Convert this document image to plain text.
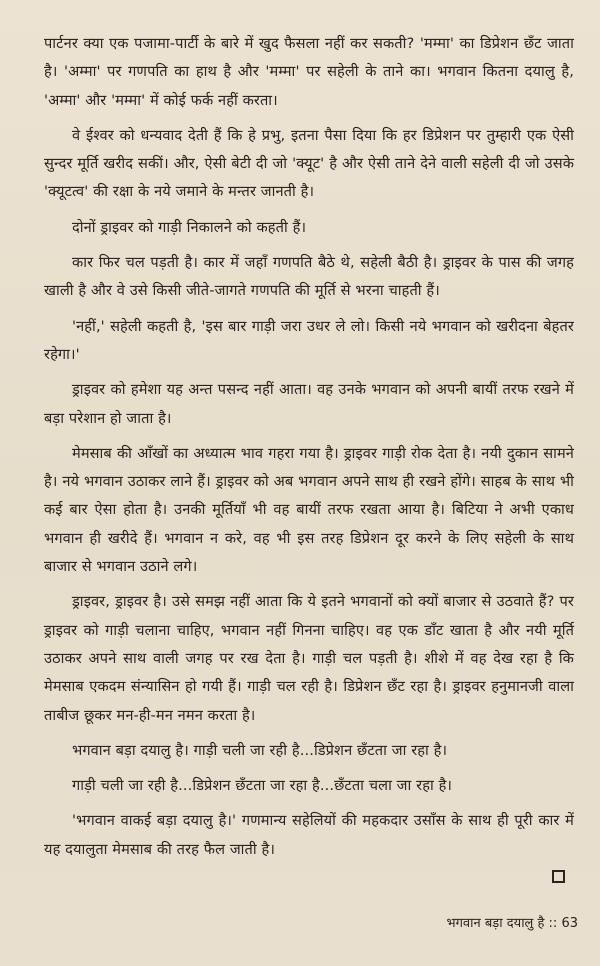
पार्टनर क्या एक पजामा-पार्टी के बारे में खुद फैसला नहीं कर सकती? 'मम्मा' का डिप्रेशन छँट जाता है। 'अम्मा' पर गणपति का हाथ है और 'मम्मा' पर सहेली के ताने का। भगवान कितना दयालु है, 'अम्मा' और 'मम्मा' में कोई फर्क नहीं करता।

वे ईश्वर को धन्यवाद देती हैं कि हे प्रभु, इतना पैसा दिया कि हर डिप्रेशन पर तुम्हारी एक ऐसी सुन्दर मूर्ति खरीद सकीं। और, ऐसी बेटी दी जो 'क्यूट' है और ऐसी ताने देने वाली सहेली दी जो उसके 'क्यूटत्व' की रक्षा के नये जमाने के मन्तर जानती है।

दोनों ड्राइवर को गाड़ी निकालने को कहती हैं।

कार फिर चल पड़ती है। कार में जहाँ गणपति बैठे थे, सहेली बैठी है। ड्राइवर के पास की जगह खाली है और वे उसे किसी जीते-जागते गणपति की मूर्ति से भरना चाहती हैं।

'नहीं,' सहेली कहती है, 'इस बार गाड़ी जरा उधर ले लो। किसी नये भगवान को खरीदना बेहतर रहेगा।'

ड्राइवर को हमेशा यह अन्त पसन्द नहीं आता। वह उनके भगवान को अपनी बायीं तरफ रखने में बड़ा परेशान हो जाता है।

मेमसाब की आँखों का अध्यात्म भाव गहरा गया है। ड्राइवर गाड़ी रोक देता है। नयी दुकान सामने है। नये भगवान उठाकर लाने हैं। ड्राइवर को अब भगवान अपने साथ ही रखने होंगे। साहब के साथ भी कई बार ऐसा होता है। उनकी मूर्तियाँ भी वह बायीं तरफ रखता आया है। बिटिया ने अभी एकाध भगवान ही खरीदे हैं। भगवान न करे, वह भी इस तरह डिप्रेशन दूर करने के लिए सहेली के साथ बाजार से भगवान उठाने लगे।

ड्राइवर, ड्राइवर है। उसे समझ नहीं आता कि ये इतने भगवानों को क्यों बाजार से उठवाते हैं? पर ड्राइवर को गाड़ी चलाना चाहिए, भगवान नहीं गिनना चाहिए। वह एक डाँट खाता है और नयी मूर्ति उठाकर अपने साथ वाली जगह पर रख देता है। गाड़ी चल पड़ती है। शीशे में वह देख रहा है कि मेमसाब एकदम संन्यासिन हो गयी हैं। गाड़ी चल रही है। डिप्रेशन छँट रहा है। ड्राइवर हनुमानजी वाला ताबीज छूकर मन-ही-मन नमन करता है।

भगवान बड़ा दयालु है। गाड़ी चली जा रही है...डिप्रेशन छँटता जा रहा है।

गाड़ी चली जा रही है...डिप्रेशन छँटता जा रहा है...छँटता चला जा रहा है।

'भगवान वाकई बड़ा दयालु है।' गणमान्य सहेलियों की महकदार उसाँस के साथ ही पूरी कार में यह दयालुता मेमसाब की तरह फैल जाती है।

भगवान बड़ा दयालु है :: 63
